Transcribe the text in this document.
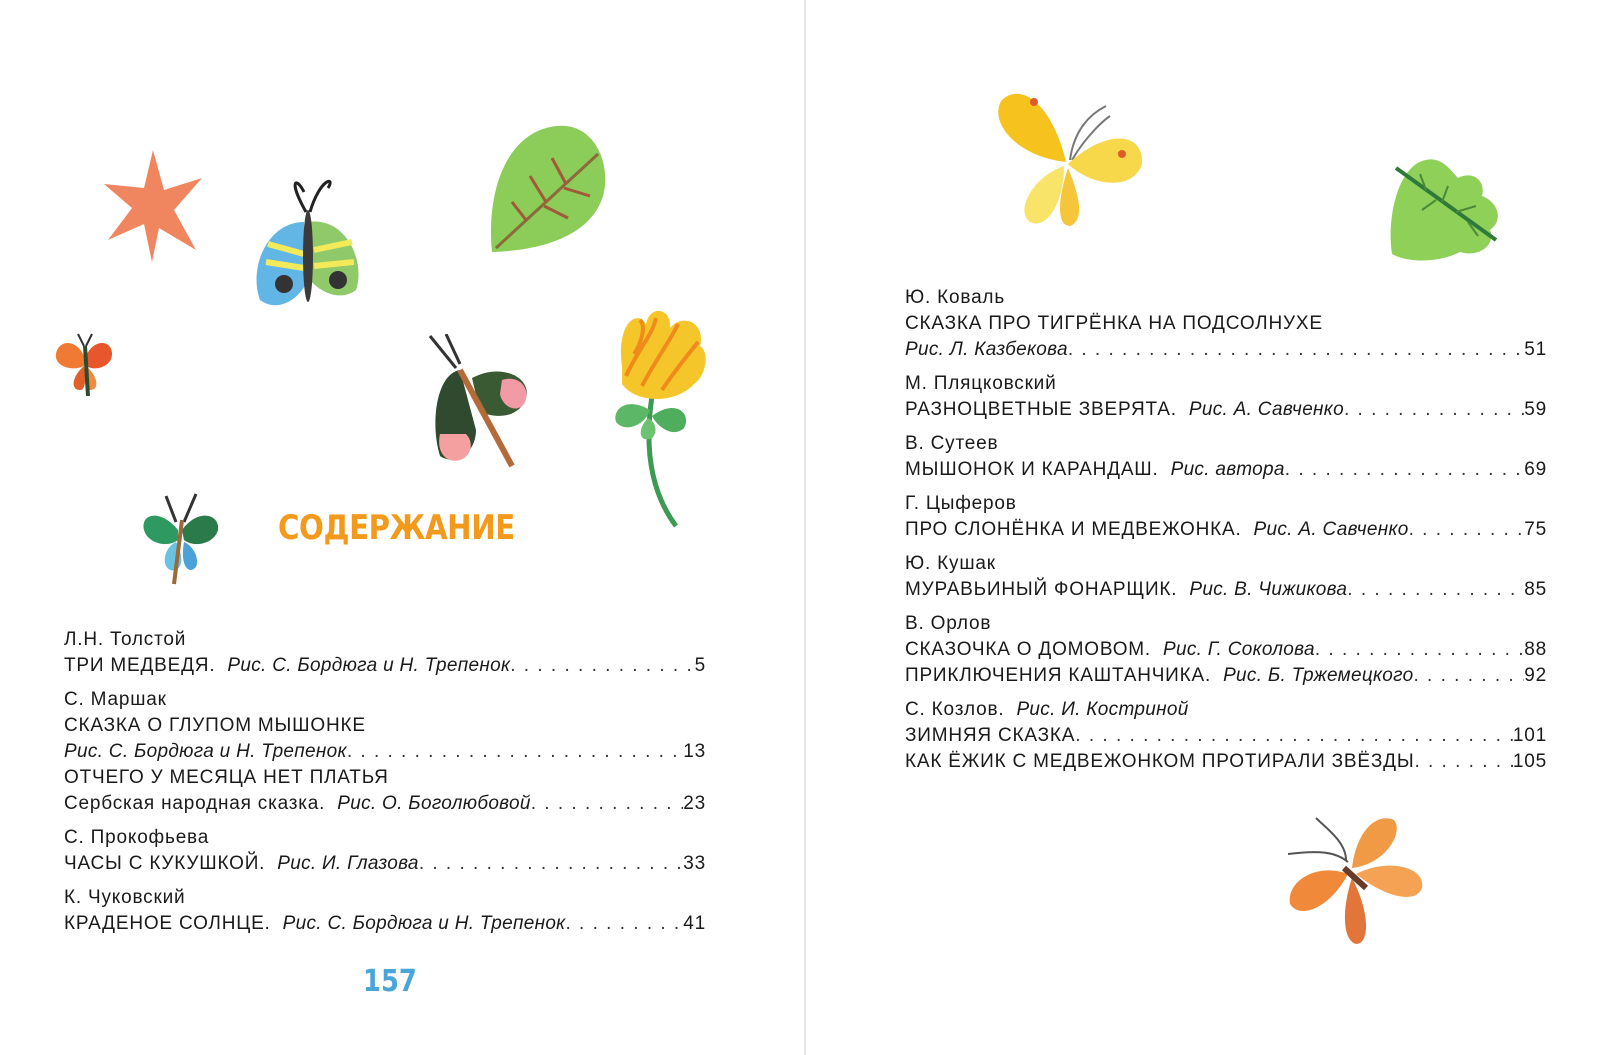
СОДЕРЖАНИЕ
Л.Н. Толстой
ТРИ МЕДВЕДЯ. Рис. С. Бордюга и Н. Трепенок . . .	5
С. Маршак
СКАЗКА О ГЛУПОМ МЫШОНКЕ
Рис. С. Бордюга и Н. Трепенок . . .	13
ОТЧЕГО У МЕСЯЦА НЕТ ПЛАТЬЯ
Сербская народная сказка. Рис. О. Боголюбовой . . .	23
С. Прокофьева
ЧАСЫ С КУКУШКОЙ. Рис. И. Глазова . . .	33
К. Чуковский
КРАДЕНОЕ СОЛНЦЕ. Рис. С. Бордюга и Н. Трепенок . . .	41
157
Ю. Коваль
СКАЗКА ПРО ТИГРЁНКА НА ПОДСОЛНУХЕ
Рис. Л. Казбекова . . .	51
М. Пляцковский
РАЗНОЦВЕТНЫЕ ЗВЕРЯТА. Рис. А. Савченко . . .	59
В. Сутеев
МЫШОНОК И КАРАНДАШ. Рис. автора . . .	69
Г. Цыферов
ПРО СЛОНЁНКА И МЕДВЕЖОНКА. Рис. А. Савченко . . .	75
Ю. Кушак
МУРАВЬИНЫЙ ФОНАРЩИК. Рис. В. Чижикова . . .	85
В. Орлов
СКАЗОЧКА О ДОМОВОМ. Рис. Г. Соколова . . .	88
ПРИКЛЮЧЕНИЯ КАШТАНЧИКА. Рис. Б. Тржемецкого . . .	92
С. Козлов. Рис. И. Костриной
ЗИМНЯЯ СКАЗКА . . .	101
КАК ЁЖИК С МЕДВЕЖОНКОМ ПРОТИРАЛИ ЗВЁЗДЫ . . .	105
